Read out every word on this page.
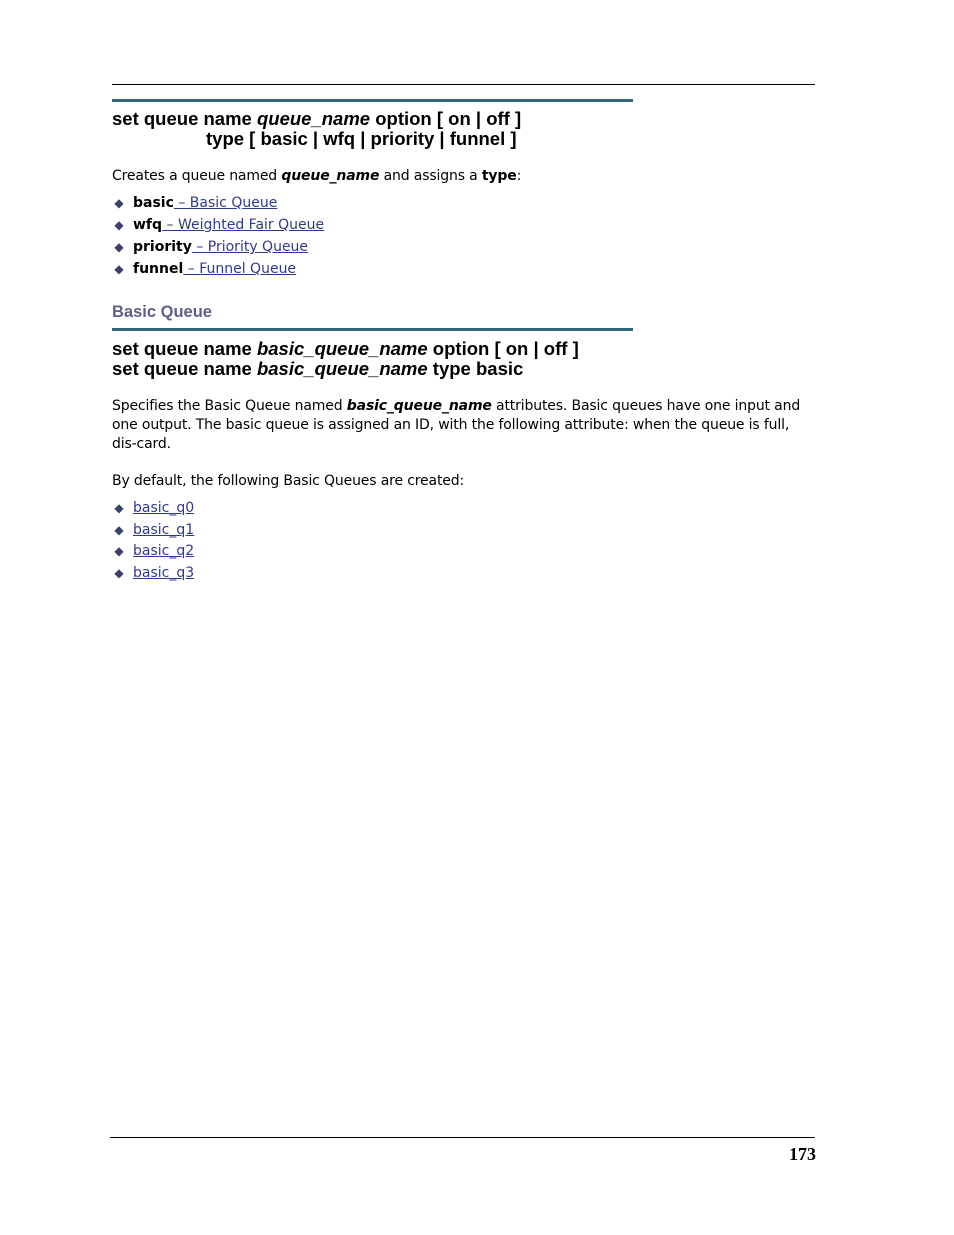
set queue name queue_name option [ on | off ]
type [ basic | wfq | priority | funnel ]
Creates a queue named queue_name and assigns a type:
◆ basic – Basic Queue
◆ wfq – Weighted Fair Queue
◆ priority – Priority Queue
◆ funnel – Funnel Queue
Basic Queue
set queue name basic_queue_name option [ on | off ]
set queue name basic_queue_name type basic
Specifies the Basic Queue named basic_queue_name attributes. Basic queues have one input and one output. The basic queue is assigned an ID, with the following attribute: when the queue is full, dis-card.
By default, the following Basic Queues are created:
◆ basic_q0
◆ basic_q1
◆ basic_q2
◆ basic_q3
173
